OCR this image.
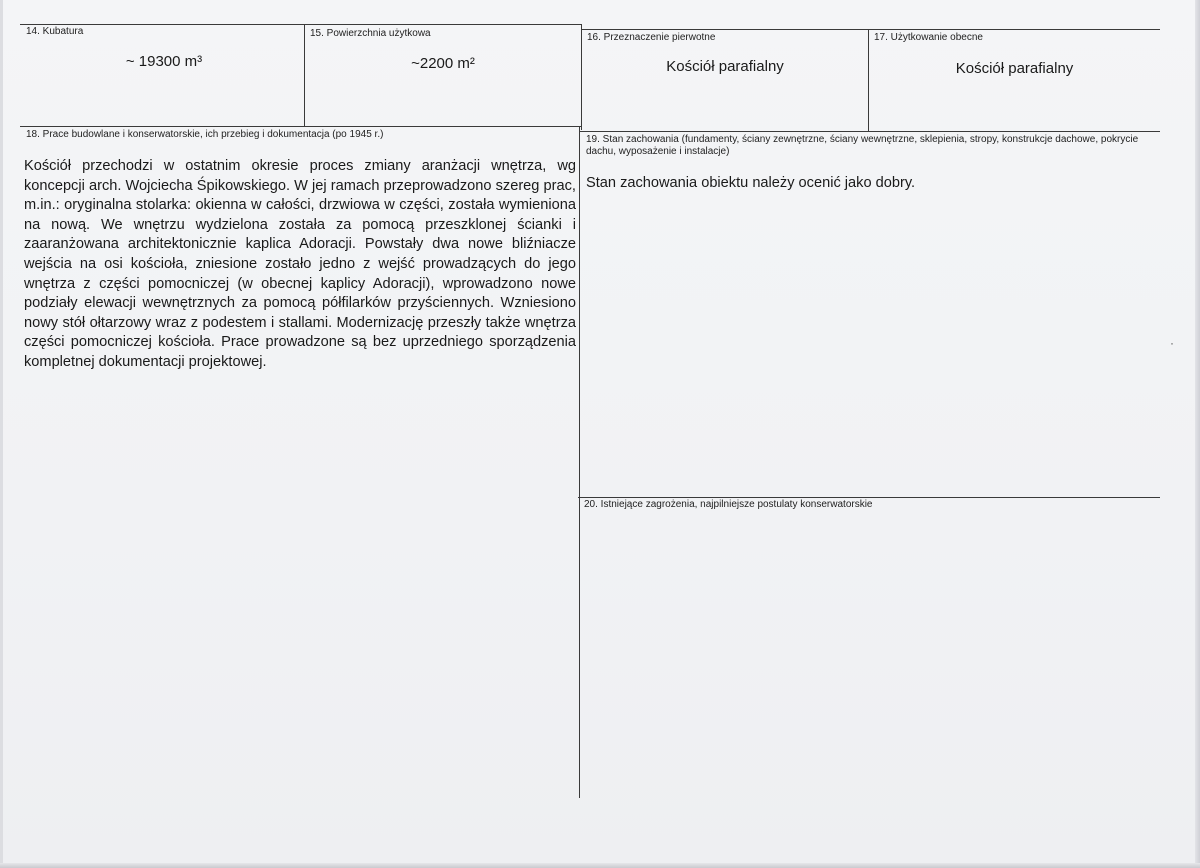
14. Kubatura
~ 19300 m³
15. Powierzchnia użytkowa
~2200 m²
16. Przeznaczenie pierwotne
Kościół parafialny
17. Użytkowanie obecne
Kościół parafialny
18. Prace budowlane i konserwatorskie, ich przebieg i dokumentacja (po 1945 r.)
Kościół przechodzi w ostatnim okresie proces zmiany aranżacji wnętrza, wg koncepcji arch. Wojciecha Śpikowskiego. W jej ramach przeprowadzono szereg prac, m.in.: oryginalna stolarka: okienna w całości, drzwiowa w części, została wymieniona na nową. We wnętrzu wydzielona została za pomocą przeszklonej ścianki i zaaranżowana architektonicznie kaplica Adoracji. Powstały dwa nowe bliźniacze wejścia na osi kościoła, zniesione zostało jedno z wejść prowadzących do jego wnętrza z części pomocniczej (w obecnej kaplicy Adoracji), wprowadzono nowe podziały elewacji wewnętrznych za pomocą półfilarków przyściennych. Wzniesiono nowy stół ołtarzowy wraz z podestem i stallami. Modernizację przeszły także wnętrza części pomocniczej kościoła. Prace prowadzone są bez uprzedniego sporządzenia kompletnej dokumentacji projektowej.
19. Stan zachowania (fundamenty, ściany zewnętrzne, ściany wewnętrzne, sklepienia, stropy, konstrukcje dachowe, pokrycie dachu, wyposażenie i instalacje)
Stan zachowania obiektu należy ocenić jako dobry.
20. Istniejące zagrożenia, najpilniejsze postulaty konserwatorskie
·
